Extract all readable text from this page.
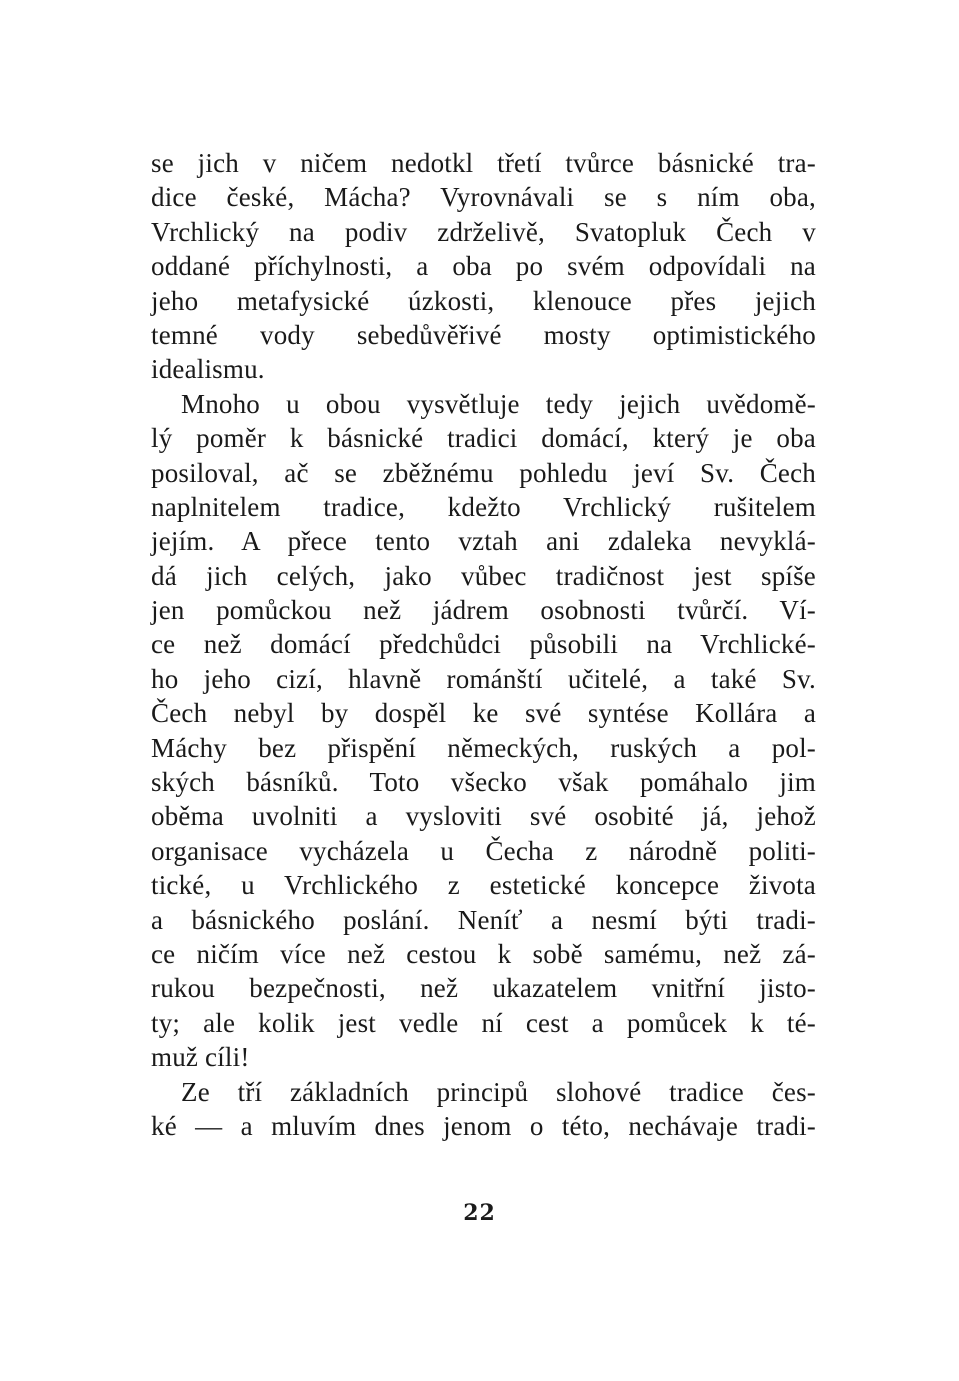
se jich v ničem nedotkl třetí tvůrce básnické tra-
dice české, Mácha? Vyrovnávali se s ním oba,
Vrchlický na podiv zdrželivě, Svatopluk Čech v
oddané příchylnosti, a oba po svém odpovídali na
jeho metafysické úzkosti, klenouce přes jejich
temné vody sebedůvěřivé mosty optimistického
idealismu.
Mnoho u obou vysvětluje tedy jejich uvědomě-
lý poměr k básnické tradici domácí, který je oba
posiloval, ač se zběžnému pohledu jeví Sv. Čech
naplnitelem tradice, kdežto Vrchlický rušitelem
jejím. A přece tento vztah ani zdaleka nevyklá-
dá jich celých, jako vůbec tradičnost jest spíše
jen pomůckou než jádrem osobnosti tvůrčí. Ví-
ce než domácí předchůdci působili na Vrchlické-
ho jeho cizí, hlavně románští učitelé, a také Sv.
Čech nebyl by dospěl ke své syntése Kollára a
Máchy bez přispění německých, ruských a pol-
ských básníků. Toto všecko však pomáhalo jim
oběma uvolniti a vysloviti své osobité já, jehož
organisace vycházela u Čecha z národně politi-
tické, u Vrchlického z estetické koncepce života
a básnického poslání. Neníť a nesmí býti tradi-
ce ničím více než cestou k sobě samému, než zá-
rukou bezpečnosti, než ukazatelem vnitřní jisto-
ty; ale kolik jest vedle ní cest a pomůcek k té-
muž cíli!
Ze tří základních principů slohové tradice čes-
ké — a mluvím dnes jenom o této, nechávaje tradi-
22
